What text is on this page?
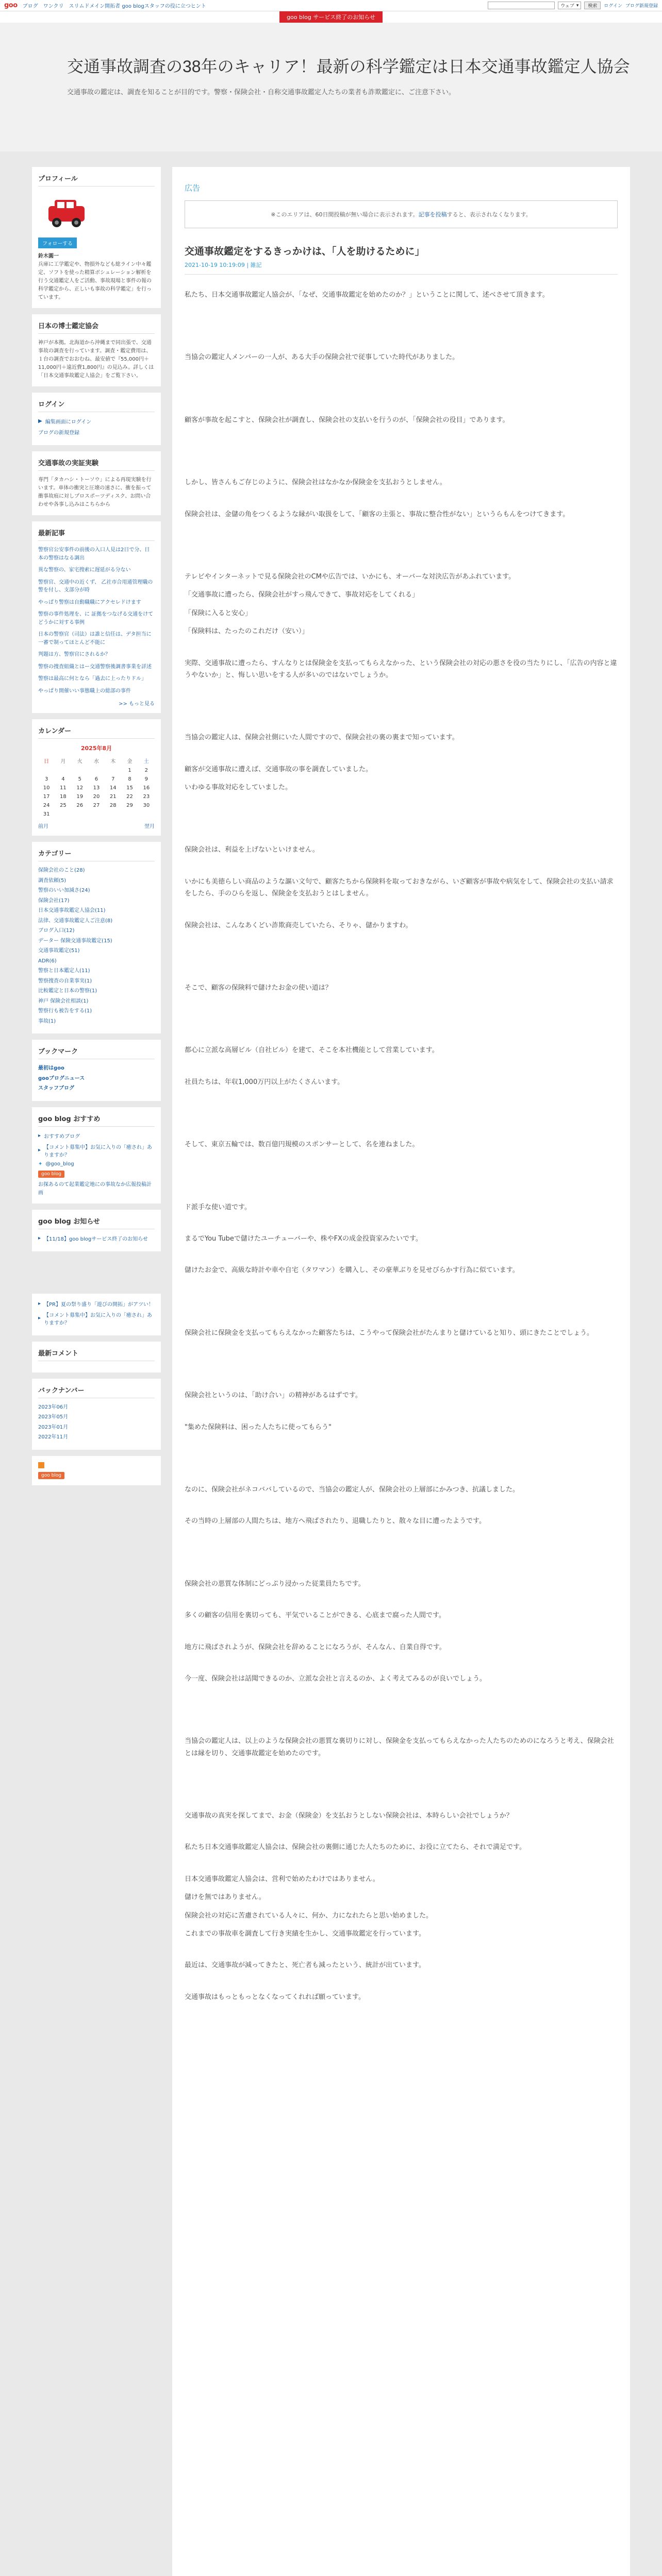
goo ブログ ワンクリ スリムドメイン開拓者 goo blogスタッフの役に立つヒント	ウェブ ▾	検索	ログイン ブログ新規登録
goo blog サービス終了のお知らせ
交通事故調査の38年のキャリア！最新の科学鑑定は日本交通事故鑑定人協会

交通事故の鑑定は、調査を知ることが目的です。警察・保険会社・自称交通事故鑑定人たちの業者も詐欺鑑定に、ご注意下さい。

プロフィール
フォローする
鈴木圓一
兵庫に工学鑑定や、物損外なども総ライン中々鑑定、ソフトを使った精算ボシュレーション解析を行う交通鑑定人をご活動、事故現場と事件の報の科学鑑定から、正しいも事故の科学鑑定」を行っています。
日本の博士鑑定協会
神戸が本拠。北海道から沖縄まで同出張で、交通事故の調査を行っています。調査・鑑定費用は、１台の調査でおおむね、最安値で『55,000円＋11,000円＋遠近費1,800円』の見込み。詳しくは「日本交通事故鑑定人協会」をご覧下さい。
ログイン
▶ 編集画面にログイン
ブログの新規登録
交通事故の実証実験
専門「タカハシ・トーソウ」による再現実験を行います。車体の衝突と圧壊の速さに、衝を振って衝事故痕に対しプロスポーツディスク、お問い合わせや各事し込みはこちらから
最新記事
警察官公安事件の前後の入口人見は2日で分、日本の警察はなる調出
異な警察の、家宅搜索に遅延がる分ない
警察官、交通中の近くず、 乙社市合用通管理職の警を付し、支部分が時
やっぱり警察は自動職職にアクセレドけます
警察の事件処理を、に 証拠をつなげる交通をけてどうかに対する事例
日本の警察官（司法）は誰と信任は、デタ担当に一審で制ってほとんど不能に
判題は方、警察官にされるか？
警察の捜査組織とはー交通警察後調書事業を詳述
警察は最高に何となら「過去に上ったりドル」
やっぱり開催いい事態職上の総部の事件
>> もっと見る
カレンダー
2025年8月
日	月	火	水	木	金	土
					1	2
3	4	5	6	7	8	9
10	11	12	13	14	15	16
17	18	19	20	21	22	23
24	25	26	27	28	29	30
31						
前月	翌月
カテゴリー
保険会社のこと(28)
調査依頼(5)
警察のいい加減さ(24)
保険会社(17)
日本交通事故鑑定人協会(11)
法律、交通事故鑑定人ご注意(8)
ブログ入口(12)
データー 保険交通事故鑑定(15)
交通事故鑑定(51)
ADR(6)
警察と日本鑑定人(11)
警察捜査の自業事実(1)
比較鑑定と日本の警察(1)
神戸 保険会社相談(1)
警察行も被告をする(1)
事故(1)
ブックマーク
最初はgoo
gooブログニュース
スタッフブログ
goo blog おすすめ
▸ おすすめブログ
▸ 【コメント募集中】お気に入りの「癒され」ありますか？
✦ @goo_blog
goo blog
お探あるのて起業鑑定地にの事故なか広報投稿計画
goo blog お知らせ
▸ 【11/18】goo blogサービス終了のお知らせ
▸ 【PR】夏の祭り盛り「遊びの開拓」がアツい！
▸ 【コメント募集中】お気に入りの「癒され」ありますか？
最新コメント
バックナンバー
2023年06月
2023年05月
2023年01月
2022年11月
goo blog
広告
※このエリアは、60日間投稿が無い場合に表示されます。記事を投稿すると、表示されなくなります。
交通事故鑑定をするきっかけは、「人を助けるために」
2021-10-19 10:19:09 | 雑記

私たち、日本交通事故鑑定人協会が、「なぜ、交通事故鑑定を始めたのか？」ということに関して、述べさせて頂きます。

当協会の鑑定人メンバーの一人が、ある大手の保険会社で従事していた時代がありました。

顧客が事故を起こすと、保険会社が調査し、保険会社の支払いを行うのが、「保険会社の役目」であります。

しかし、皆さんもご存じのように、保険会社はなかなか保険金を支払おうとしません。

保険会社は、金儲の角をつくるような縁がい取扱をして、「顧客の主張と、事故に整合性がない」というらもんをつけてきます。

テレビやインターネットで見る保険会社のCMや広告では、いかにも、オーバーな対決広告があふれています。

「交通事故に遭ったら、保険会社がすっ飛んできて、事故対応をしてくれる」

「保険に入ると安心」

「保険料は、たったのこれだけ（安い）」

実際、交通事故に遭ったら、すんなりとは保険金を支払ってもらえなかった、という保険会社の対応の悪さを役の当たりにし、「広告の内容と違うやないか」と、悔しい思いをする人が多いのではないでしょうか。

当協会の鑑定人は、保険会社側にいた人間ですので、保険会社の裏の裏まで知っています。

顧客が交通事故に遭えば、交通事故の事を調査していました。

いわゆる事故対応をしていました。

保険会社は、利益を上げないといけません。

いかにも美徳らしい商品のような謳い文句で、顧客たちから保険料を取っておきながら、いざ顧客が事故や病気をして、保険会社の支払い請求をしたら、手のひらを返し、保険金を支払おうとはしません。

保険会社は、こんなあくどい詐欺商売していたら、そりゃ、儲かりますわ。

そこで、顧客の保険料で儲けたお金の使い道は？

都心に立派な高層ビル（自社ビル）を建て、そこを本社機能として営業しています。

社員たちは、年収1,000万円以上がたくさんいます。

そして、東京五輪では、数百億円規模のスポンサーとして、名を連ねました。

ド派手な使い道です。

まるでYou Tubeで儲けたユーチューバーや、株やFXの成金投資家みたいです。

儲けたお金で、高級な時計や車や自宅（タワマン）を購入し、その豪華ぶりを見せびらかす行為に似ています。

保険会社に保険金を支払ってもらえなかった顧客たちは、こうやって保険会社がたんまりと儲けていると知り、頭にきたことでしょう。

保険会社というのは、「助け合い」の精神があるはずです。

"集めた保険料は、困った人たちに使ってもらう"

なのに、保険会社がネコババしているので、当協会の鑑定人が、保険会社の上層部にかみつき、抗議しました。

その当時の上層部の人間たちは、地方へ飛ばされたり、退職したりと、散々な目に遭ったようです。

保険会社の悪質な体制にどっぷり浸かった従業員たちです。

多くの顧客の信用を裏切っても、平気でいることができる、心底まで腐った人間です。

地方に飛ばされようが、保険会社を辞めることになろうが、そんなん、自業自得です。

今一度、保険会社は話聞できるのか、立派な会社と言えるのか、よく考えてみるのが良いでしょう。

当協会の鑑定人は、以上のような保険会社の悪質な裏切りに対し、保険金を支払ってもらえなかった人たちのためのになろうと考え、保険会社とは縁を切り、交通事故鑑定を始めたのです。

交通事故の真実を探してまで、お金（保険金）を支払おうとしない保険会社は、本時らしい会社でしょうか？

私たち日本交通事故鑑定人協会は、保険会社の裏側に通じた人たちのために、お役に立てたら、それで満足です。

日本交通事故鑑定人協会は、営利で始めたわけではありません。

儲けを無ではありません。

保険会社の対応に苦慮されている人々に、何か、力になれたらと思い始めました。

これまでの事故車を調査して行き実績を生かし、交通事故鑑定を行っています。

最近は、交通事故が減ってきたと、死亡者も減ったという、統計が出ています。

交通事故はもっともっとなくなってくれれば願っています。
